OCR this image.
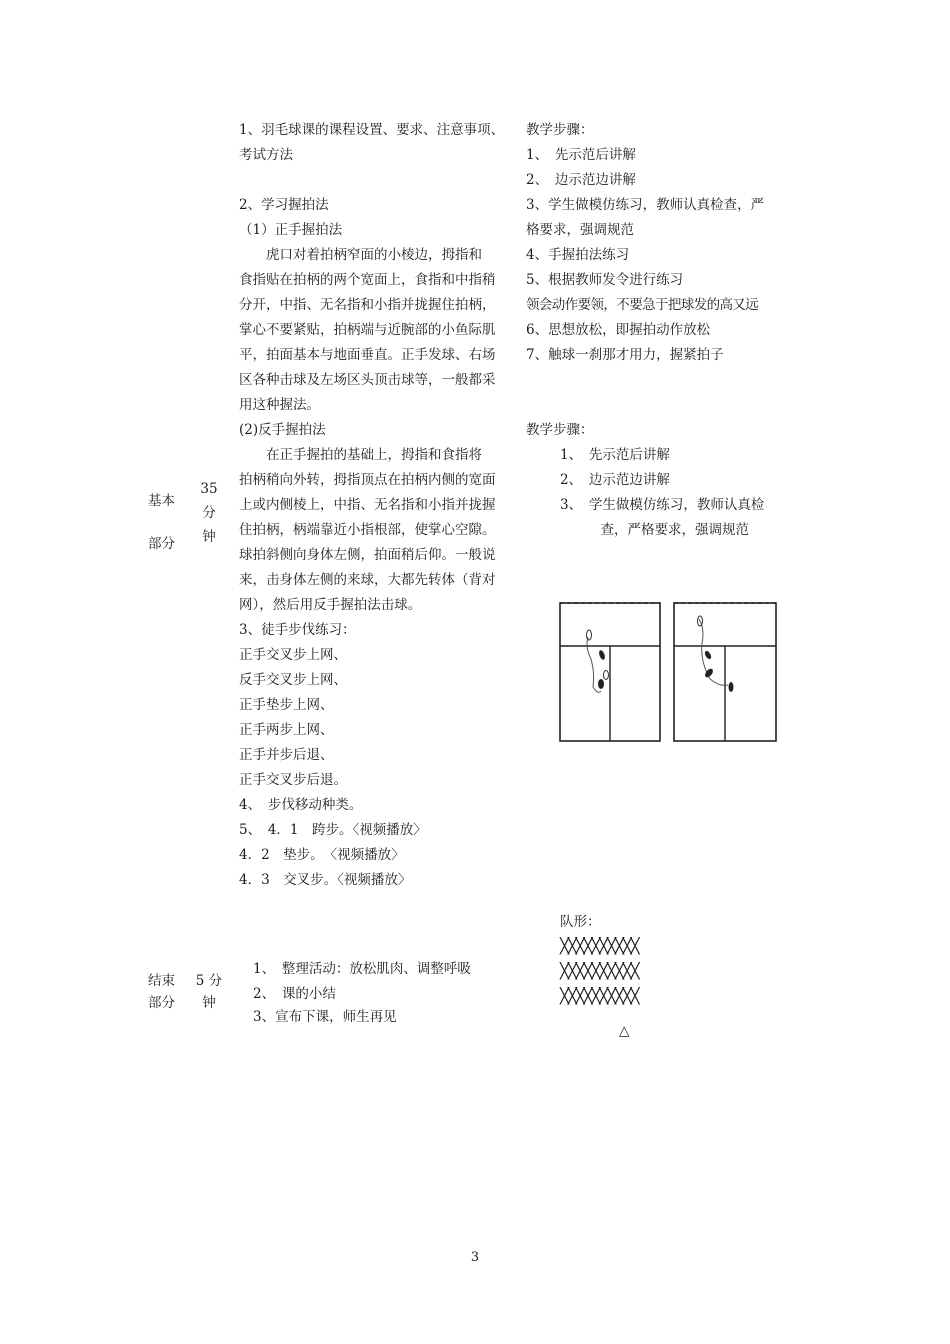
基本
部分
35
分
钟
1、羽毛球课的课程设置、要求、注意事项、
考试方法
2、学习握拍法
（1）正手握拍法
　　虎口对着拍柄窄面的小棱边，拇指和
食指贴在拍柄的两个宽面上，食指和中指稍
分开，中指、无名指和小指并拢握住拍柄，
掌心不要紧贴，拍柄端与近腕部的小鱼际肌
平，拍面基本与地面垂直。正手发球、右场
区各种击球及左场区头顶击球等，一般都采
用这种握法。
(2)反手握拍法
　　在正手握拍的基础上，拇指和食指将
拍柄稍向外转，拇指顶点在拍柄内侧的宽面
上或内侧棱上，中指、无名指和小指并拢握
住拍柄，柄端靠近小指根部，使掌心空隙。
球拍斜侧向身体左侧，拍面稍后仰。一般说
来，击身体左侧的来球，大都先转体（背对
网），然后用反手握拍法击球。
3、徒手步伐练习：
正手交叉步上网、
反手交叉步上网、
正手垫步上网、
正手两步上网、
正手并步后退、
正手交叉步后退。
4、　步伐移动种类。
5、　4．1　跨步。〈视频播放〉
4．2　垫步。　〈视频播放〉
4．3　交叉步。〈视频播放〉
教学步骤：
1、　先示范后讲解
2、　边示范边讲解
3、学生做模仿练习，教师认真检查，严
格要求，强调规范
4、手握拍法练习
5、根据教师发令进行练习
领会动作要领，不要急于把球发的高又远
6、思想放松，即握拍动作放松
7、触球一刹那才用力，握紧拍子
教学步骤：
1、　先示范后讲解
2、　边示范边讲解
3、　学生做模仿练习，教师认真检
　　　查，严格要求，强调规范
结束
部分
5 分
钟
1、　整理活动：放松肌肉、调整呼吸
2、　课的小结
3、宣布下课，师生再见
队形：
╳╳╳╳╳╳╳╳╳╳
╳╳╳╳╳╳╳╳╳╳
╳╳╳╳╳╳╳╳╳╳
△
3
